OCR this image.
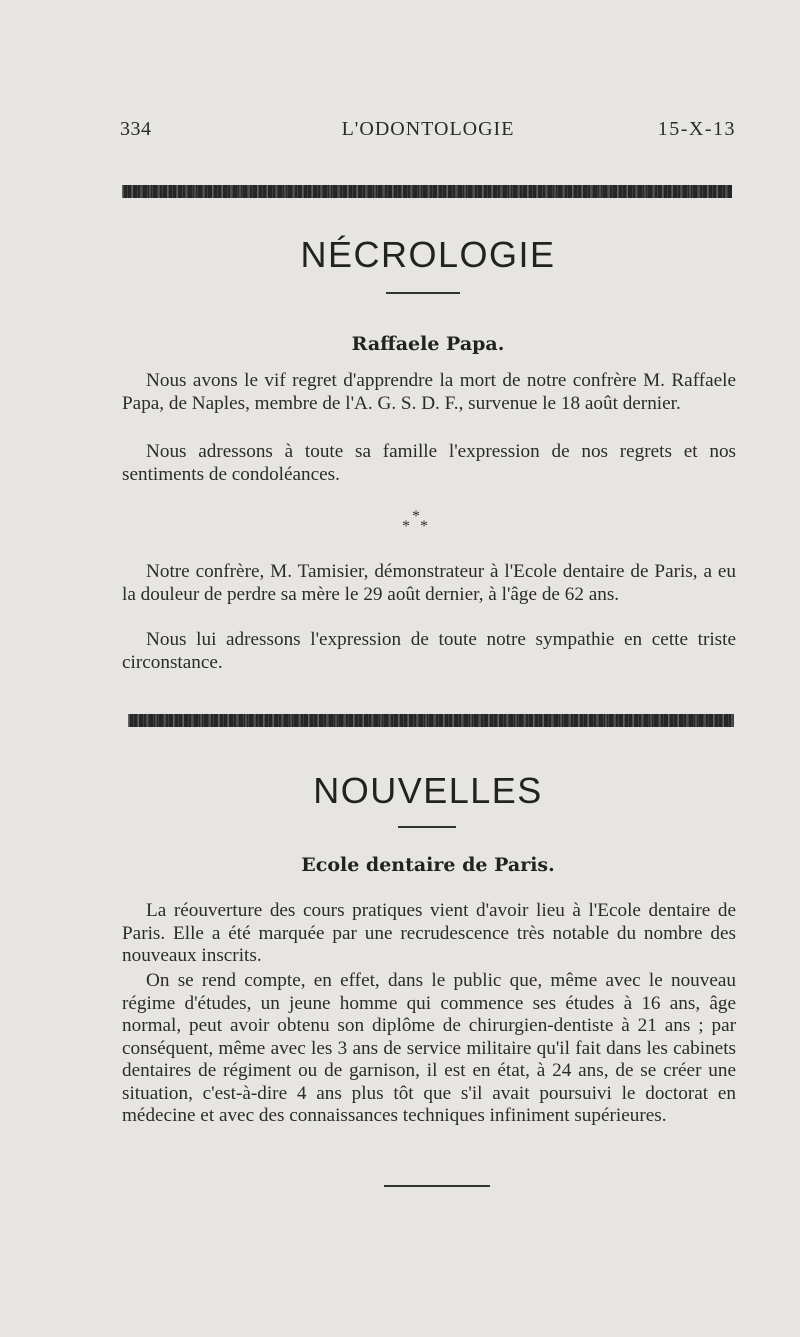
334	L'ODONTOLOGIE	15-X-13
NÉCROLOGIE
Raffaele Papa.

Nous avons le vif regret d'apprendre la mort de notre confrère M. Raffaele Papa, de Naples, membre de l'A. G. S. D. F., survenue le 18 août dernier.

Nous adressons à toute sa famille l'expression de nos regrets et nos sentiments de condoléances.

*
* *

Notre confrère, M. Tamisier, démonstrateur à l'Ecole dentaire de Paris, a eu la douleur de perdre sa mère le 29 août dernier, à l'âge de 62 ans.

Nous lui adressons l'expression de toute notre sympathie en cette triste circonstance.

NOUVELLES
Ecole dentaire de Paris.

La réouverture des cours pratiques vient d'avoir lieu à l'Ecole dentaire de Paris. Elle a été marquée par une recrudescence très notable du nombre des nouveaux inscrits.

On se rend compte, en effet, dans le public que, même avec le nouveau régime d'études, un jeune homme qui commence ses études à 16 ans, âge normal, peut avoir obtenu son diplôme de chirurgien-dentiste à 21 ans ; par conséquent, même avec les 3 ans de service militaire qu'il fait dans les cabinets dentaires de régiment ou de garnison, il est en état, à 24 ans, de se créer une situation, c'est-à-dire 4 ans plus tôt que s'il avait poursuivi le doctorat en médecine et avec des connaissances techniques infiniment supérieures.
